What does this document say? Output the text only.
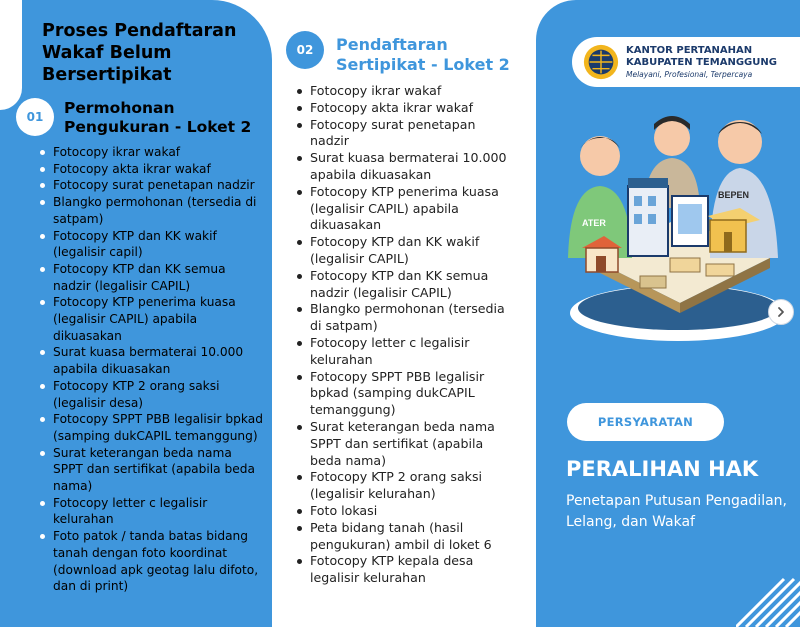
Proses Pendaftaran Wakaf Belum Bersertipikat
01	Permohonan Pengukuran - Loket 2
Fotocopy ikrar wakaf
Fotocopy akta ikrar wakaf
Fotocopy surat penetapan nadzir
Blangko permohonan (tersedia di satpam)
Fotocopy KTP dan KK wakif (legalisir capil)
Fotocopy KTP dan KK semua nadzir (legalisir CAPIL)
Fotocopy KTP penerima kuasa (legalisir CAPIL) apabila dikuasakan
Surat kuasa bermaterai 10.000 apabila dikuasakan
Fotocopy KTP 2 orang saksi (legalisir desa)
Fotocopy SPPT PBB legalisir bpkad (samping dukCAPIL temanggung)
Surat keterangan beda nama SPPT dan sertifikat (apabila beda nama)
Fotocopy letter c legalisir kelurahan
Foto patok / tanda batas bidang tanah dengan foto koordinat (download apk geotag lalu difoto, dan di print)
02	Pendaftaran Sertipikat - Loket 2
Fotocopy ikrar wakaf
Fotocopy akta ikrar wakaf
Fotocopy surat penetapan nadzir
Surat kuasa bermaterai 10.000 apabila dikuasakan
Fotocopy KTP penerima kuasa (legalisir CAPIL) apabila dikuasakan
Fotocopy KTP dan KK wakif (legalisir CAPIL)
Fotocopy KTP dan KK semua nadzir (legalisir CAPIL)
Blangko permohonan (tersedia di satpam)
Fotocopy letter c legalisir kelurahan
Fotocopy SPPT PBB legalisir bpkad (samping dukCAPIL temanggung)
Surat keterangan beda nama SPPT dan sertifikat (apabila beda nama)
Fotocopy KTP 2 orang saksi (legalisir kelurahan)
Foto lokasi
Peta bidang tanah (hasil pengukuran) ambil di loket 6
Fotocopy KTP kepala desa legalisir kelurahan
KANTOR PERTANAHAN
KABUPATEN TEMANGGUNG
Melayani, Profesional, Terpercaya
ATER
BEPEN
PERSYARATAN
PERALIHAN HAK
Penetapan Putusan Pengadilan, Lelang, dan Wakaf
